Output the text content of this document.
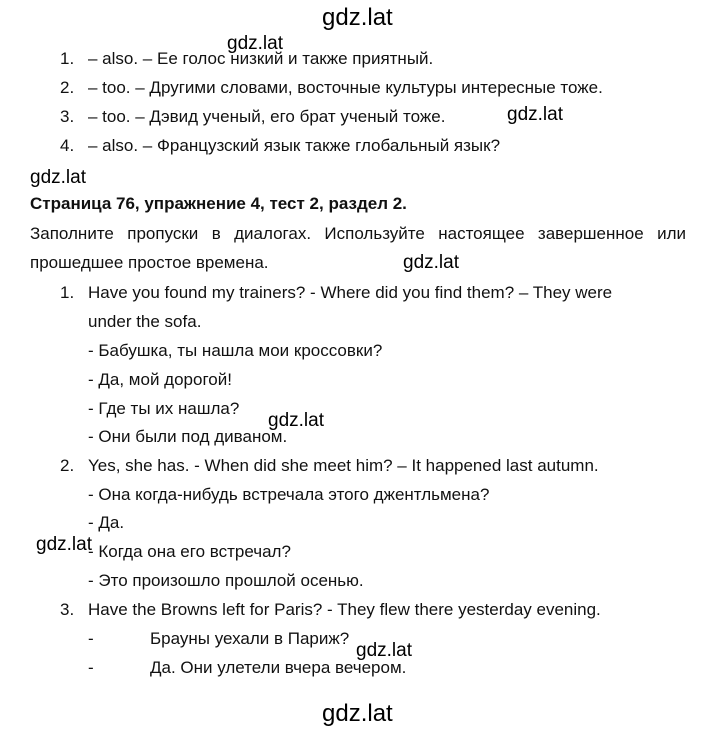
gdz.lat
1. – also. – Ее голос низкий и также приятный.
gdz.lat
2. – too. – Другими словами, восточные культуры интересные тоже.
3. – too. – Дэвид ученый, его брат ученый тоже.	gdz.lat
4. – also. – Французский язык также глобальный язык?
gdz.lat
Страница 76, упражнение 4, тест 2, раздел 2.
Заполните пропуски в диалогах. Используйте настоящее завершенное или прошедшее простое времена.	gdz.lat
1. Have you found my trainers? - Where did you find them? – They were
under the sofa.
- Бабушка, ты нашла мои кроссовки?
- Да, мой дорогой!
- Где ты их нашла?
gdz.lat
- Они были под диваном.
2. Yes, she has. - When did she meet him? – It happened last autumn.
- Она когда-нибудь встречала этого джентльмена?
- Да.
gdz.lat
- Когда она его встречал?
- Это произошло прошлой осенью.
3. Have the Browns left for Paris? - They flew there yesterday evening.
-	Брауны уехали в Париж?
gdz.lat
-	Да. Они улетели вчера вечером.
gdz.lat
